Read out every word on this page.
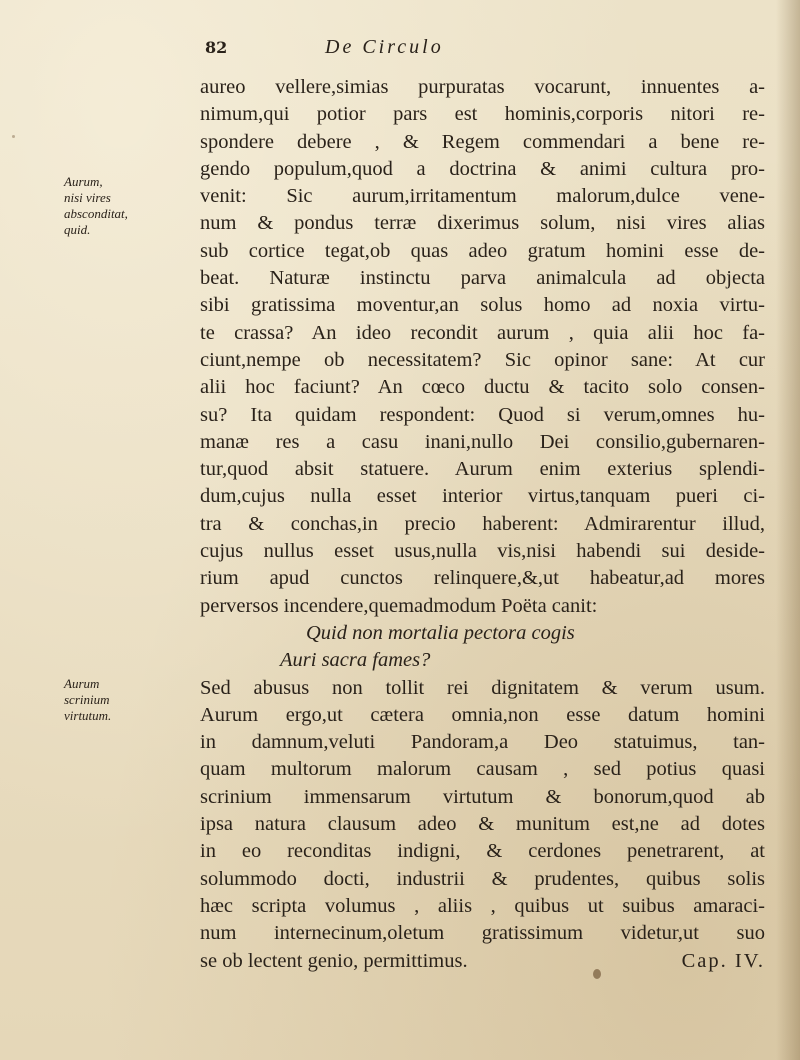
82	De Circulo
Aurum,
nisi vires
absconditat,
quid.
Aurum
scrinium
virtutum.
aureo vellere,simias purpuratas vocarunt, innuentes a-
nimum,qui potior pars est hominis,corporis nitori re-
spondere debere , & Regem commendari a bene re-
gendo populum,quod a doctrina & animi cultura pro-
venit: Sic aurum,irritamentum malorum,dulce vene-
num & pondus terræ dixerimus solum, nisi vires alias
sub cortice tegat,ob quas adeo gratum homini esse de-
beat. Naturæ instinctu parva animalcula ad objecta
sibi gratissima moventur,an solus homo ad noxia virtu-
te crassa? An ideo recondit aurum , quia alii hoc fa-
ciunt,nempe ob necessitatem? Sic opinor sane: At cur
alii hoc faciunt? An cœco ductu & tacito solo consen-
su? Ita quidam respondent: Quod si verum,omnes hu-
manæ res a casu inani,nullo Dei consilio,gubernaren-
tur,quod absit statuere. Aurum enim exterius splendi-
dum,cujus nulla esset interior virtus,tanquam pueri ci-
tra & conchas,in precio haberent: Admirarentur illud,
cujus nullus esset usus,nulla vis,nisi habendi sui deside-
rium apud cunctos relinquere,&,ut habeatur,ad mores
perversos incendere,quemadmodum Poëta canit:
Quid non mortalia pectora cogis
Auri sacra fames?
Sed abusus non tollit rei dignitatem & verum usum.
Aurum ergo,ut cætera omnia,non esse datum homini
in damnum,veluti Pandoram,a Deo statuimus, tan-
quam multorum malorum causam , sed potius quasi
scrinium immensarum virtutum & bonorum,quod ab
ipsa natura clausum adeo & munitum est,ne ad dotes
in eo reconditas indigni, & cerdones penetrarent, at
solummodo docti, industrii & prudentes, quibus solis
hæc scripta volumus , aliis , quibus ut suibus amaraci-
num internecinum,oletum gratissimum videtur,ut suo
se ob lectent genio, permittimus.	Cap. IV.
